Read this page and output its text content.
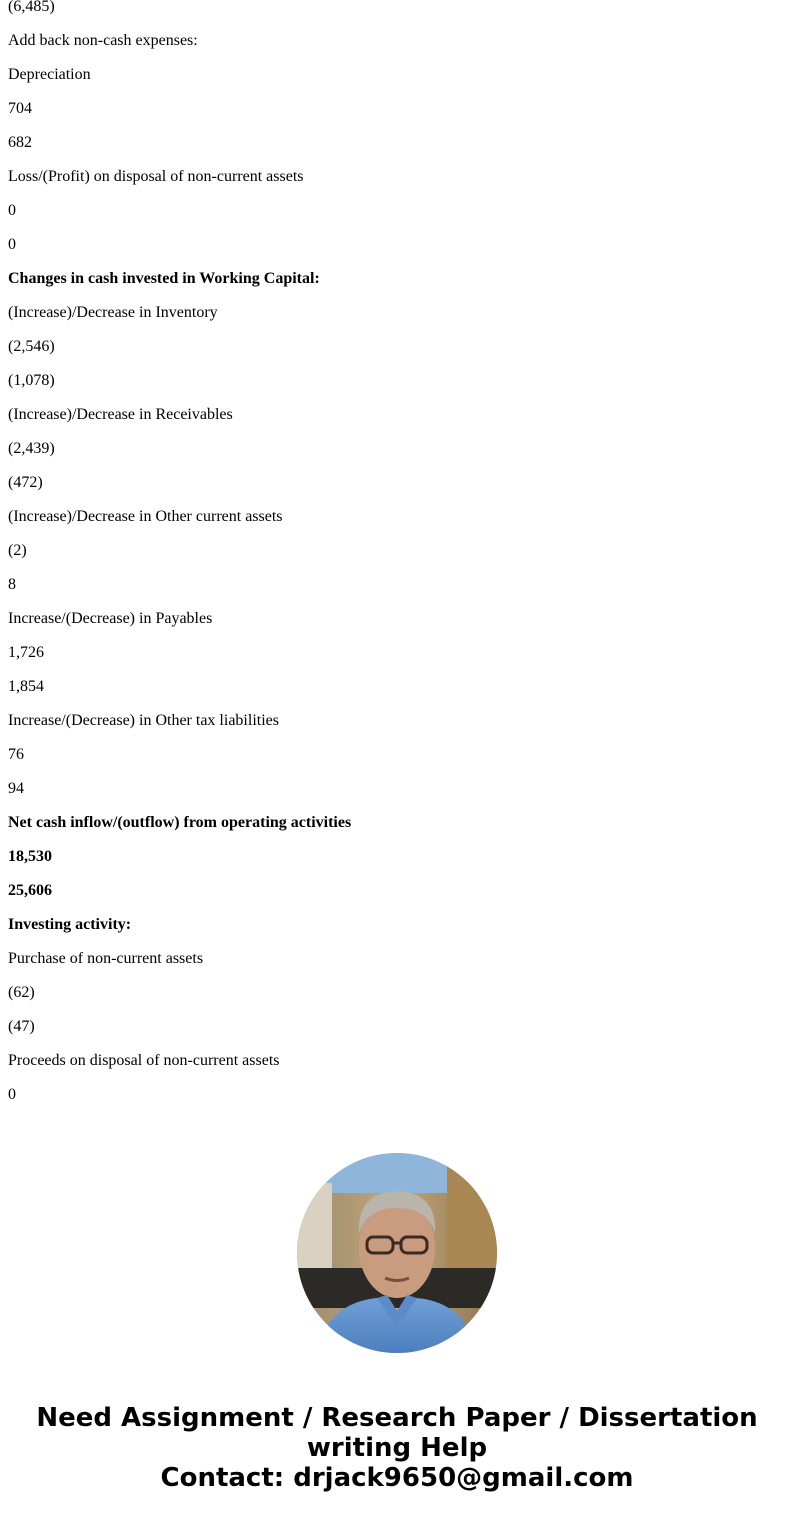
(6,485)
Add back non-cash expenses:
Depreciation
704
682
Loss/(Profit) on disposal of non-current assets
0
0
Changes in cash invested in Working Capital:
(Increase)/Decrease in Inventory
(2,546)
(1,078)
(Increase)/Decrease in Receivables
(2,439)
(472)
(Increase)/Decrease in Other current assets
(2)
8
Increase/(Decrease) in Payables
1,726
1,854
Increase/(Decrease) in Other tax liabilities
76
94
Net cash inflow/(outflow) from operating activities
18,530
25,606
Investing activity:
Purchase of non-current assets
(62)
(47)
Proceeds on disposal of non-current assets
0
Need Assignment / Research Paper / Dissertation
writing Help
Contact: drjack9650@gmail.com
